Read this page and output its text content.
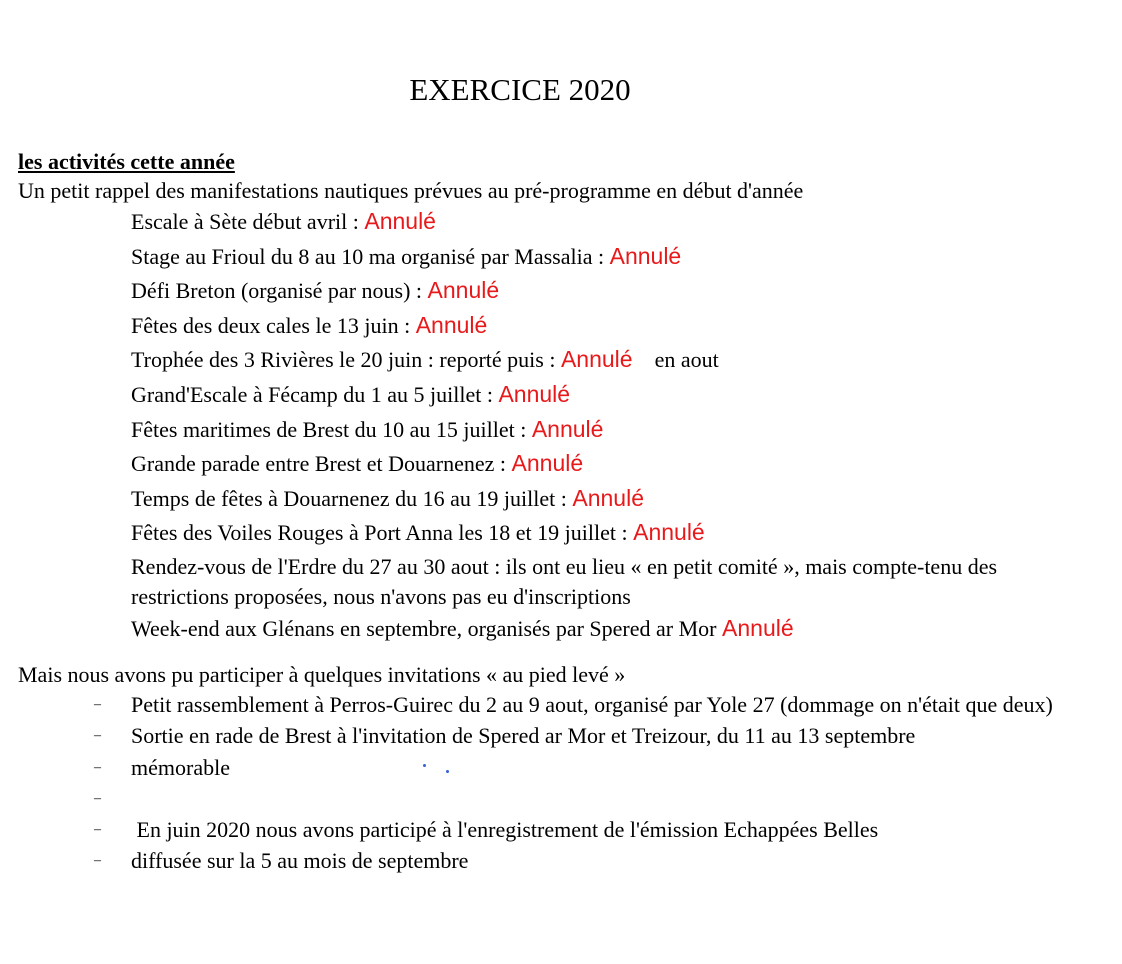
EXERCICE 2020
les activités cette année
Un petit rappel des manifestations nautiques prévues au pré-programme en début d'année
Escale à Sète début avril : Annulé
Stage au Frioul du 8 au 10 ma organisé par Massalia : Annulé
Défi Breton (organisé par nous) : Annulé
Fêtes des deux cales le 13 juin : Annulé
Trophée des 3 Rivières le 20 juin : reporté puis : Annulé en aout
Grand'Escale à Fécamp du 1 au 5 juillet : Annulé
Fêtes maritimes de Brest du 10 au 15 juillet : Annulé
Grande parade entre Brest et Douarnenez : Annulé
Temps de fêtes à Douarnenez du 16 au 19 juillet : Annulé
Fêtes des Voiles Rouges à Port Anna les 18 et 19 juillet : Annulé
Rendez-vous de l'Erdre du 27 au 30 aout : ils ont eu lieu « en petit comité », mais compte-tenu des restrictions proposées, nous n'avons pas eu d'inscriptions
Week-end aux Glénans en septembre, organisés par Spered ar Mor Annulé
Mais nous avons pu participer à quelques invitations « au pied levé »
– Petit rassemblement à Perros-Guirec du 2 au 9 aout, organisé par Yole 27 (dommage on n'était que deux)
– Sortie en rade de Brest à l'invitation de Spered ar Mor et Treizour, du 11 au 13 septembre
– mémorable
–
– En juin 2020 nous avons participé à l'enregistrement de l'émission Echappées Belles
– diffusée sur la 5 au mois de septembre
